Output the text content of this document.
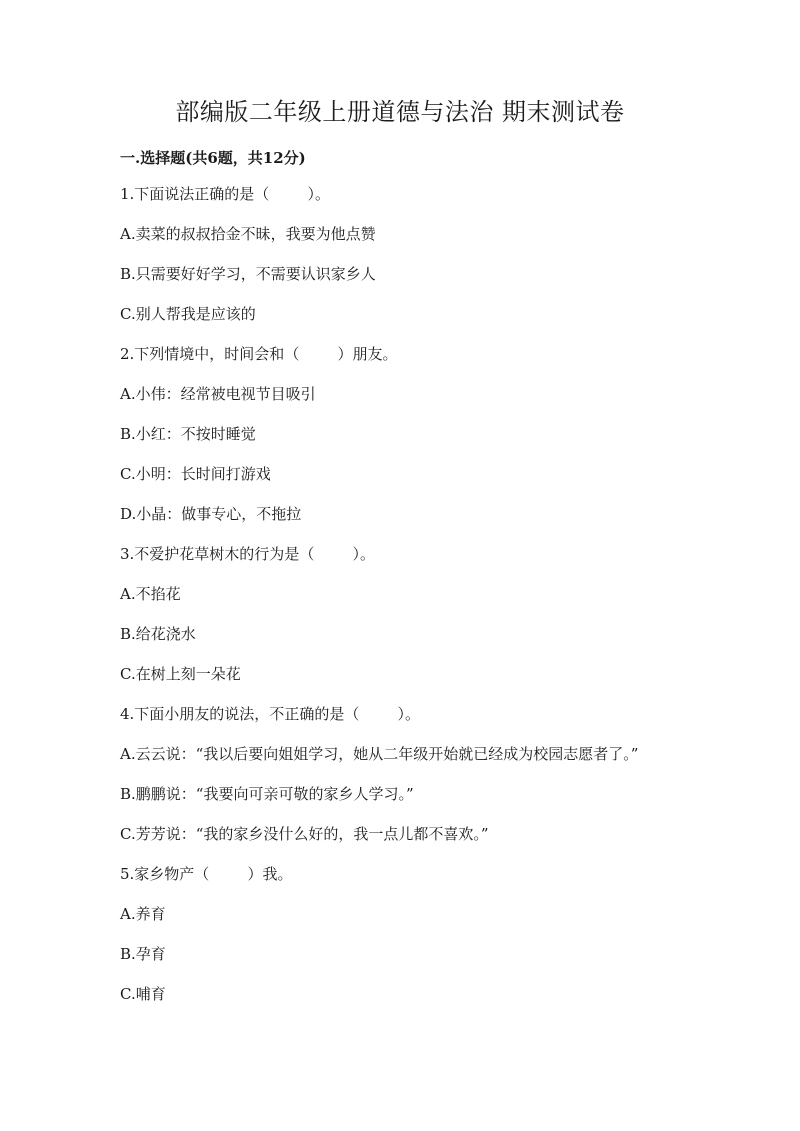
部编版二年级上册道德与法治 期末测试卷
一.选择题(共6题，共12分)

1.下面说法正确的是（        ）。

A.卖菜的叔叔拾金不昧，我要为他点赞

B.只需要好好学习，不需要认识家乡人

C.别人帮我是应该的

2.下列情境中，时间会和（        ）朋友。

A.小伟：经常被电视节目吸引

B.小红：不按时睡觉

C.小明：长时间打游戏

D.小晶：做事专心，不拖拉

3.不爱护花草树木的行为是（        ）。

A.不掐花

B.给花浇水

C.在树上刻一朵花

4.下面小朋友的说法，不正确的是（        ）。

A.云云说：“我以后要向姐姐学习，她从二年级开始就已经成为校园志愿者了。”

B.鹏鹏说：“我要向可亲可敬的家乡人学习。”

C.芳芳说：“我的家乡没什么好的，我一点儿都不喜欢。”

5.家乡物产（        ）我。

A.养育

B.孕育

C.哺育
